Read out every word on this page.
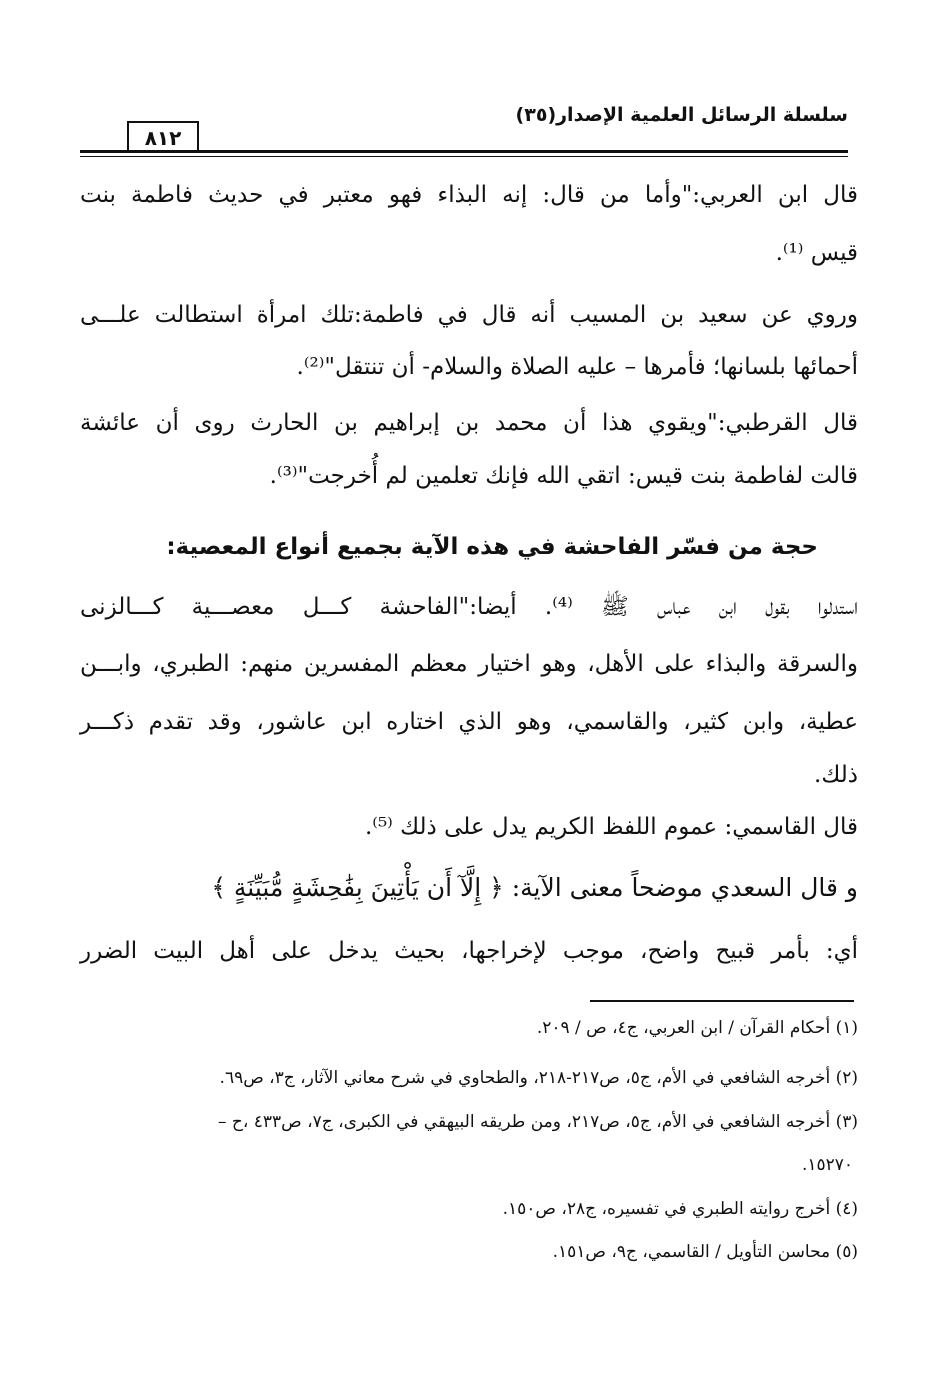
سلسلة الرسائل العلمية الإصدار(٣٥)
٨١٢
قال ابن العربي:"وأما من قال: إنه البذاء فهو معتبر في حديث فاطمة بنت
قيس ⁽¹⁾.
وروي عن سعيد بن المسيب أنه قال في فاطمة:تلك امرأة استطالت علـــى
أحمائها بلسانها؛ فأمرها – عليه الصلاة والسلام- أن تنتقل"⁽²⁾.
قال القرطبي:"ويقوي هذا أن محمد بن إبراهيم بن الحارث روى أن عائشة
قالت لفاطمة بنت قيس: اتقي الله فإنك تعلمين لم أُخرجت"⁽³⁾.
حجة من فسّر الفاحشة في هذه الآية بجميع أنواع المعصية:
استدلوا بقول ابن عباس ﷺ ⁽⁴⁾. أيضا:"الفاحشة كـــل معصـــية كـــالزنى
والسرقة والبذاء على الأهل، وهو اختيار معظم المفسرين منهم: الطبري، وابـــن
عطية، وابن كثير، والقاسمي، وهو الذي اختاره ابن عاشور، وقد تقدم ذكـــر
ذلك.
قال القاسمي: عموم اللفظ الكريم يدل على ذلك ⁽⁵⁾.
و قال السعدي موضحاً معنى الآية: ﴿ إِلَّآ أَن يَأْتِينَ بِفَٰحِشَةٍ مُّبَيِّنَةٍ ﴾
أي: بأمر قبيح واضح، موجب لإخراجها، بحيث يدخل على أهل البيت الضرر
(١) أحكام القرآن / ابن العربي، ج٤، ص / ٢٠٩.
(٢) أخرجه الشافعي في الأم، ج٥، ص٢١٧-٢١٨، والطحاوي في شرح معاني الآثار، ج٣، ص٦٩.
(٣) أخرجه الشافعي في الأم، ج٥، ص٢١٧، ومن طريقه البيهقي في الكبرى، ج٧، ص٤٣٣ ،ح –
١٥٢٧٠.
(٤) أخرج روايته الطبري في تفسيره، ج٢٨، ص١٥٠.
(٥) محاسن التأويل / القاسمي، ج٩، ص١٥١.
